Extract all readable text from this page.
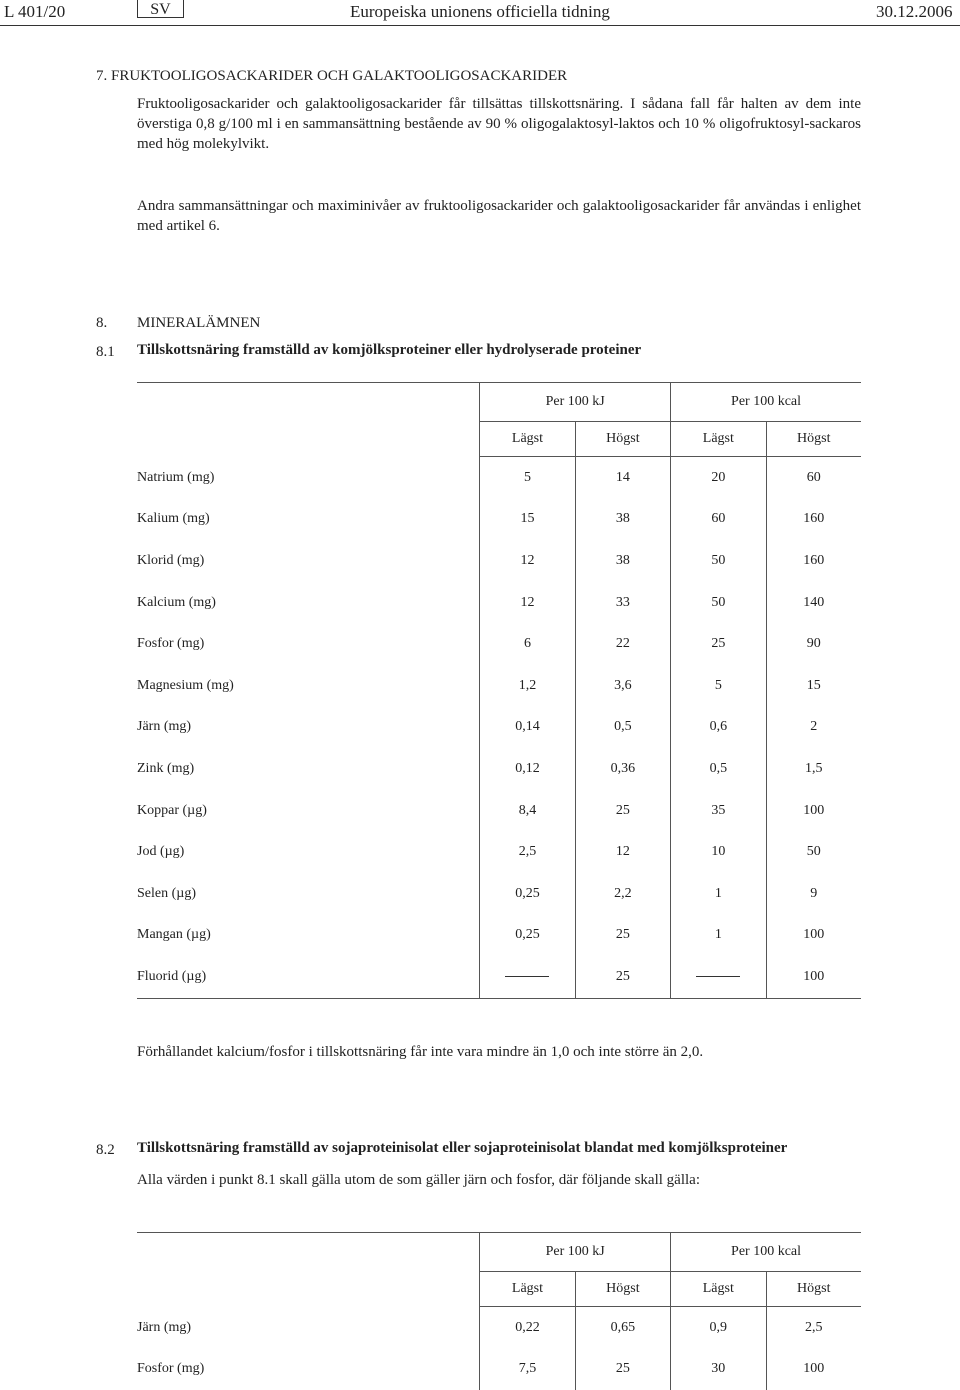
L 401/20	SV	Europeiska unionens officiella tidning	30.12.2006
7. FRUKTOOLIGOSACKARIDER OCH GALAKTOOLIGOSACKARIDER
Fruktooligosackarider och galaktooligosackarider får tillsättas tillskottsnäring. I sådana fall får halten av dem inte överstiga 0,8 g/100 ml i en sammansättning bestående av 90 % oligogalaktosyl-laktos och 10 % oligofruktosyl-sackaros med hög molekylvikt.
Andra sammansättningar och maximinivåer av fruktooligosackarider och galaktooligosackarider får användas i enlighet med artikel 6.
8. MINERALÄMNEN
8.1 Tillskottsnäring framställd av komjölksproteiner eller hydrolyserade proteiner
	Per 100 kJ		Per 100 kcal	
	Lägst	Högst	Lägst	Högst
Natrium (mg)	5	14	20	60
Kalium (mg)	15	38	60	160
Klorid (mg)	12	38	50	160
Kalcium (mg)	12	33	50	140
Fosfor (mg)	6	22	25	90
Magnesium (mg)	1,2	3,6	5	15
Järn (mg)	0,14	0,5	0,6	2
Zink (mg)	0,12	0,36	0,5	1,5
Koppar (µg)	8,4	25	35	100
Jod (µg)	2,5	12	10	50
Selen (µg)	0,25	2,2	1	9
Mangan (µg)	0,25	25	1	100
Fluorid (µg)		25		100
Förhållandet kalcium/fosfor i tillskottsnäring får inte vara mindre än 1,0 och inte större än 2,0.
8.2 Tillskottsnäring framställd av sojaproteinisolat eller sojaproteinisolat blandat med komjölksproteiner
Alla värden i punkt 8.1 skall gälla utom de som gäller järn och fosfor, där följande skall gälla:
	Per 100 kJ		Per 100 kcal	
	Lägst	Högst	Lägst	Högst
Järn (mg)	0,22	0,65	0,9	2,5
Fosfor (mg)	7,5	25	30	100
